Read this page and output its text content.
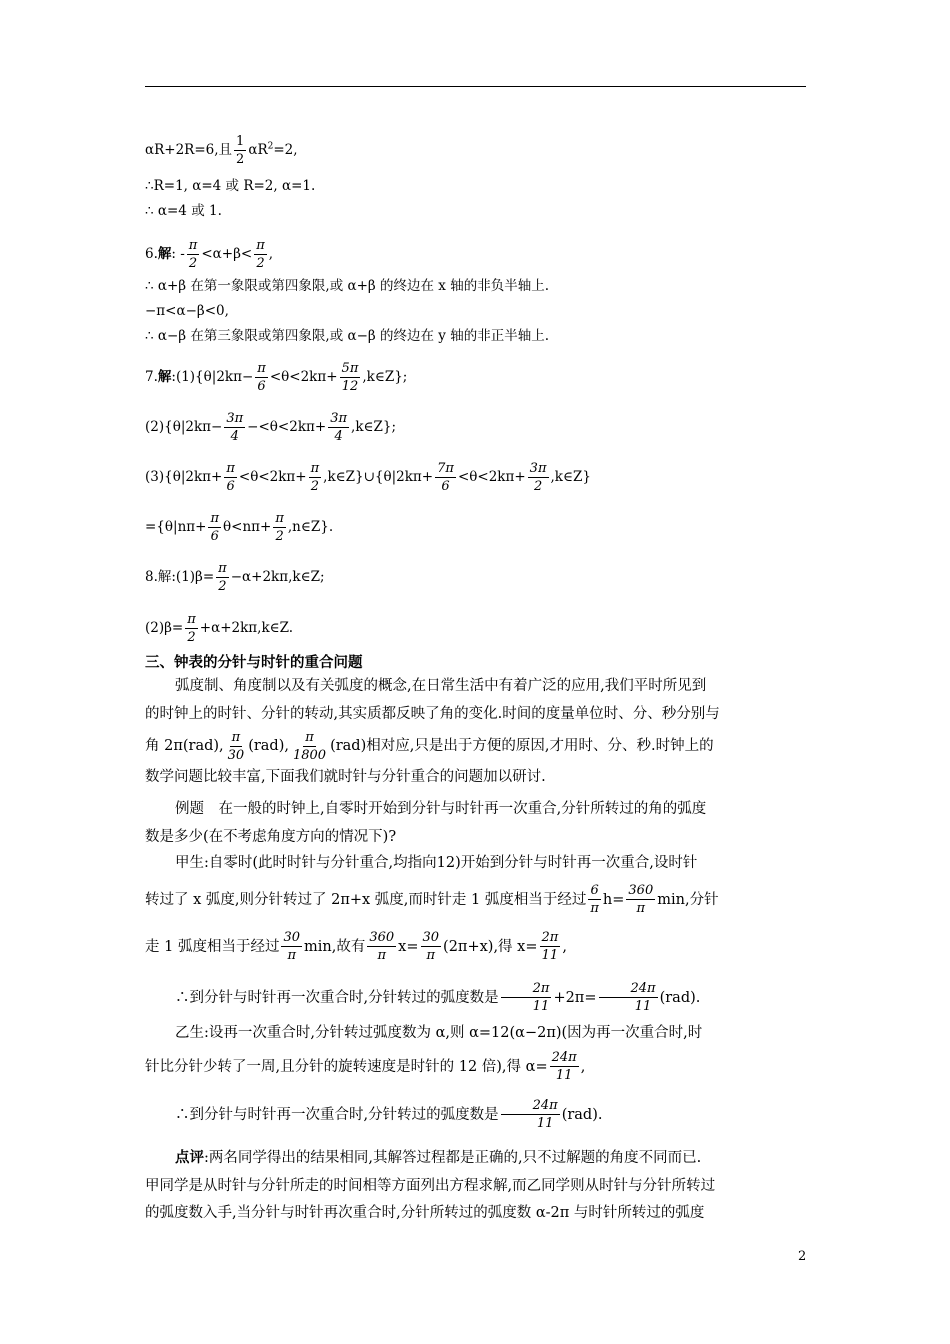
αR+2R=6,且 $\frac{1}{2} \alpha R^2=2$,
∴R=1, α=4 或 R=2, α=1.
∴ α=4 或 1.
6.解: - $\frac{\pi}{2} <\alpha+\beta< \frac{\pi}{2}$ ,
∴ α+β 在第一象限或第四象限,或 α+β 的终边在 x 轴的非负半轴上.
−π<α−β<0,
∴ α−β 在第三象限或第四象限,或 α−β 的终边在 y 轴的非正半轴上.
7.解:(1){θ|2kπ− $\frac{\pi}{6} <\theta<2k\pi+ \frac{5\pi}{12}$ ,k∈Z};
$(2)\{\theta|2k\pi- \frac{3\pi}{4} -<\theta<2k\pi+ \frac{3\pi}{4}$ ,k∈Z};
$(3)\{\theta|2k\pi+ \frac{\pi}{6} <\theta<2k\pi+ \frac{\pi}{2}$ ,k∈Z}∪{θ|2kπ+ $\frac{7\pi}{6} <\theta<2k\pi+ \frac{3\pi}{2}$ ,k∈Z}
$=\{\theta|n\pi+ \frac{\pi}{6} \theta<n\pi+ \frac{\pi}{2}$ ,n∈Z}.
8.解:(1)β= $\frac{\pi}{2}$ −α+2kπ,k∈Z;
$(2)\beta= \frac{\pi}{2}$ +α+2kπ,k∈Z.
三、钟表的分针与时针的重合问题
弧度制、角度制以及有关弧度的概念,在日常生活中有着广泛的应用,我们平时所见到
的时钟上的时针、分针的转动,其实质都反映了角的变化.时间的度量单位时、分、秒分别与
角 2π(rad), $\frac{\pi}{30} (rad)$, $\frac{\pi}{1800} (rad)$相对应,只是出于方便的原因,才用时、分、秒.时钟上的
数学问题比较丰富,下面我们就时针与分针重合的问题加以研讨.
例题　在一般的时钟上,自零时开始到分针与时针再一次重合,分针所转过的角的弧度
数是多少(在不考虑角度方向的情况下)?
甲生:自零时(此时时针与分针重合,均指向12)开始到分针与时针再一次重合,设时针
转过了 x 弧度,则分针转过了 2π+x 弧度,而时针走 1 弧度相当于经过 $\frac{6}{\pi} h= \frac{360}{\pi} \min$,分针
走 1 弧度相当于经过 $\frac{30}{\pi} \min$,故有 $\frac{360}{\pi} x= \frac{30}{\pi} (2\pi+x)$,得 $x= \frac{2\pi}{11}$ ,
∴到分针与时针再一次重合时,分针转过的弧度数是 $\frac{2\pi}{11} +2\pi= \frac{24\pi}{11} (rad)$.
乙生:设再一次重合时,分针转过弧度数为 α,则 α=12(α−2π)(因为再一次重合时,时
针比分针少转了一周,且分针的旋转速度是时针的 12 倍),得 $\alpha= \frac{24\pi}{11}$ ,
∴到分针与时针再一次重合时,分针转过的弧度数是 $\frac{24\pi}{11} (rad)$.
点评:两名同学得出的结果相同,其解答过程都是正确的,只不过解题的角度不同而已.
甲同学是从时针与分针所走的时间相等方面列出方程求解,而乙同学则从时针与分针所转过
的弧度数入手,当分针与时针再次重合时,分针所转过的弧度数 α-2π 与时针所转过的弧度
2
